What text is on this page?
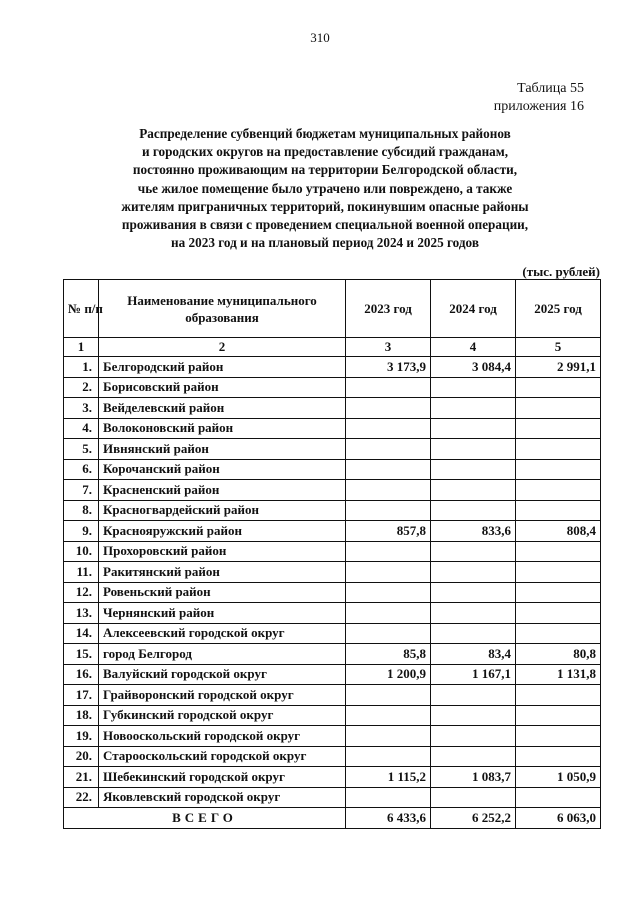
310
Таблица 55
приложения 16
Распределение субвенций бюджетам муниципальных районов
и городских округов на предоставление субсидий гражданам,
постоянно проживающим на территории Белгородской области,
чье жилое помещение было утрачено или повреждено, а также
жителям приграничных территорий, покинувшим опасные районы
проживания в связи с проведением специальной военной операции,
на 2023 год и на плановый период 2024 и 2025 годов
(тыс. рублей)
№ п/п	Наименование муниципального образования	2023 год	2024 год	2025 год
1	2	3	4	5
1.	Белгородский район	3 173,9	3 084,4	2 991,1
2.	Борисовский район			
3.	Вейделевский район			
4.	Волоконовский район			
5.	Ивнянский район			
6.	Корочанский район			
7.	Красненский район			
8.	Красногвардейский район			
9.	Краснояружский район	857,8	833,6	808,4
10.	Прохоровский район			
11.	Ракитянский район			
12.	Ровеньский район			
13.	Чернянский район			
14.	Алексеевский городской округ			
15.	город Белгород	85,8	83,4	80,8
16.	Валуйский городской округ	1 200,9	1 167,1	1 131,8
17.	Грайворонский городской округ			
18.	Губкинский городской округ			
19.	Новооскольский городской округ			
20.	Старооскольский городской округ			
21.	Шебекинский городской округ	1 115,2	1 083,7	1 050,9
22.	Яковлевский городской округ			
ВСЕГО		6 433,6	6 252,2	6 063,0
